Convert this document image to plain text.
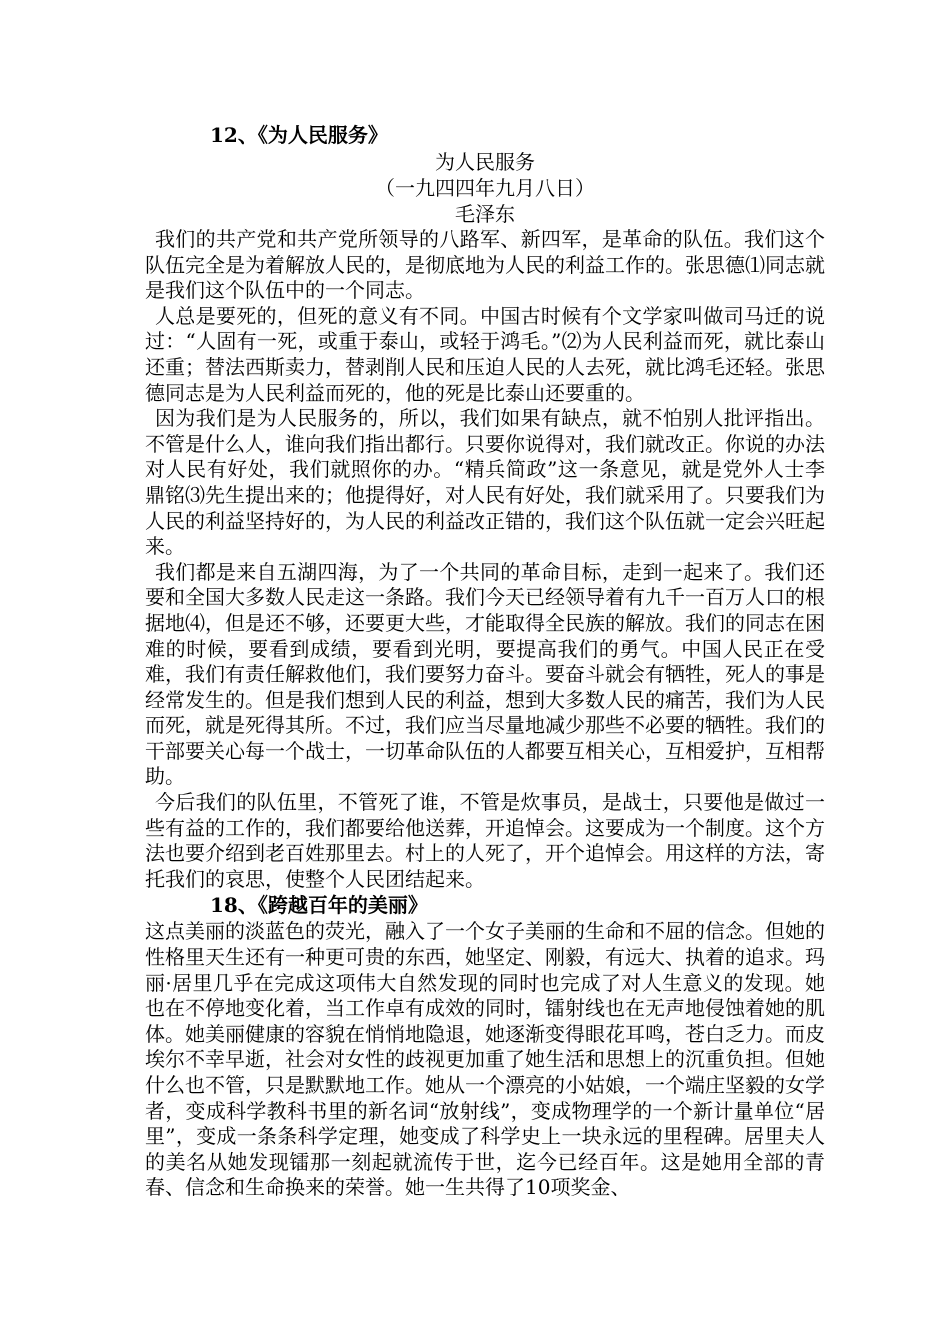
12、《为人民服务》

为人民服务

（一九四四年九月八日）

毛泽东

我们的共产党和共产党所领导的八路军、新四军，是革命的队伍。我们这个队伍完全是为着解放人民的，是彻底地为人民的利益工作的。张思德⑴同志就是我们这个队伍中的一个同志。

人总是要死的，但死的意义有不同。中国古时候有个文学家叫做司马迁的说过：“人固有一死，或重于泰山，或轻于鸿毛。”⑵为人民利益而死，就比泰山还重；替法西斯卖力，替剥削人民和压迫人民的人去死，就比鸿毛还轻。张思德同志是为人民利益而死的，他的死是比泰山还要重的。

因为我们是为人民服务的，所以，我们如果有缺点，就不怕别人批评指出。不管是什么人，谁向我们指出都行。只要你说得对，我们就改正。你说的办法对人民有好处，我们就照你的办。“精兵简政”这一条意见，就是党外人士李鼎铭⑶先生提出来的；他提得好，对人民有好处，我们就采用了。只要我们为人民的利益坚持好的，为人民的利益改正错的，我们这个队伍就一定会兴旺起来。

我们都是来自五湖四海，为了一个共同的革命目标，走到一起来了。我们还要和全国大多数人民走这一条路。我们今天已经领导着有九千一百万人口的根据地⑷，但是还不够，还要更大些，才能取得全民族的解放。我们的同志在困难的时候，要看到成绩，要看到光明，要提高我们的勇气。中国人民正在受难，我们有责任解救他们，我们要努力奋斗。要奋斗就会有牺牲，死人的事是经常发生的。但是我们想到人民的利益，想到大多数人民的痛苦，我们为人民而死，就是死得其所。不过，我们应当尽量地减少那些不必要的牺牲。我们的干部要关心每一个战士，一切革命队伍的人都要互相关心，互相爱护，互相帮助。

今后我们的队伍里，不管死了谁，不管是炊事员，是战士，只要他是做过一些有益的工作的，我们都要给他送葬，开追悼会。这要成为一个制度。这个方法也要介绍到老百姓那里去。村上的人死了，开个追悼会。用这样的方法，寄托我们的哀思，使整个人民团结起来。

18、《跨越百年的美丽》

这点美丽的淡蓝色的荧光，融入了一个女子美丽的生命和不屈的信念。但她的性格里天生还有一种更可贵的东西，她坚定、刚毅，有远大、执着的追求。玛丽·居里几乎在完成这项伟大自然发现的同时也完成了对人生意义的发现。她也在不停地变化着，当工作卓有成效的同时，镭射线也在无声地侵蚀着她的肌体。她美丽健康的容貌在悄悄地隐退，她逐渐变得眼花耳鸣，苍白乏力。而皮埃尔不幸早逝，社会对女性的歧视更加重了她生活和思想上的沉重负担。但她什么也不管，只是默默地工作。她从一个漂亮的小姑娘，一个端庄坚毅的女学者，变成科学教科书里的新名词“放射线”，变成物理学的一个新计量单位“居里”，变成一条条科学定理，她变成了科学史上一块永远的里程碑。居里夫人的美名从她发现镭那一刻起就流传于世，迄今已经百年。这是她用全部的青春、信念和生命换来的荣誉。她一生共得了10项奖金、
